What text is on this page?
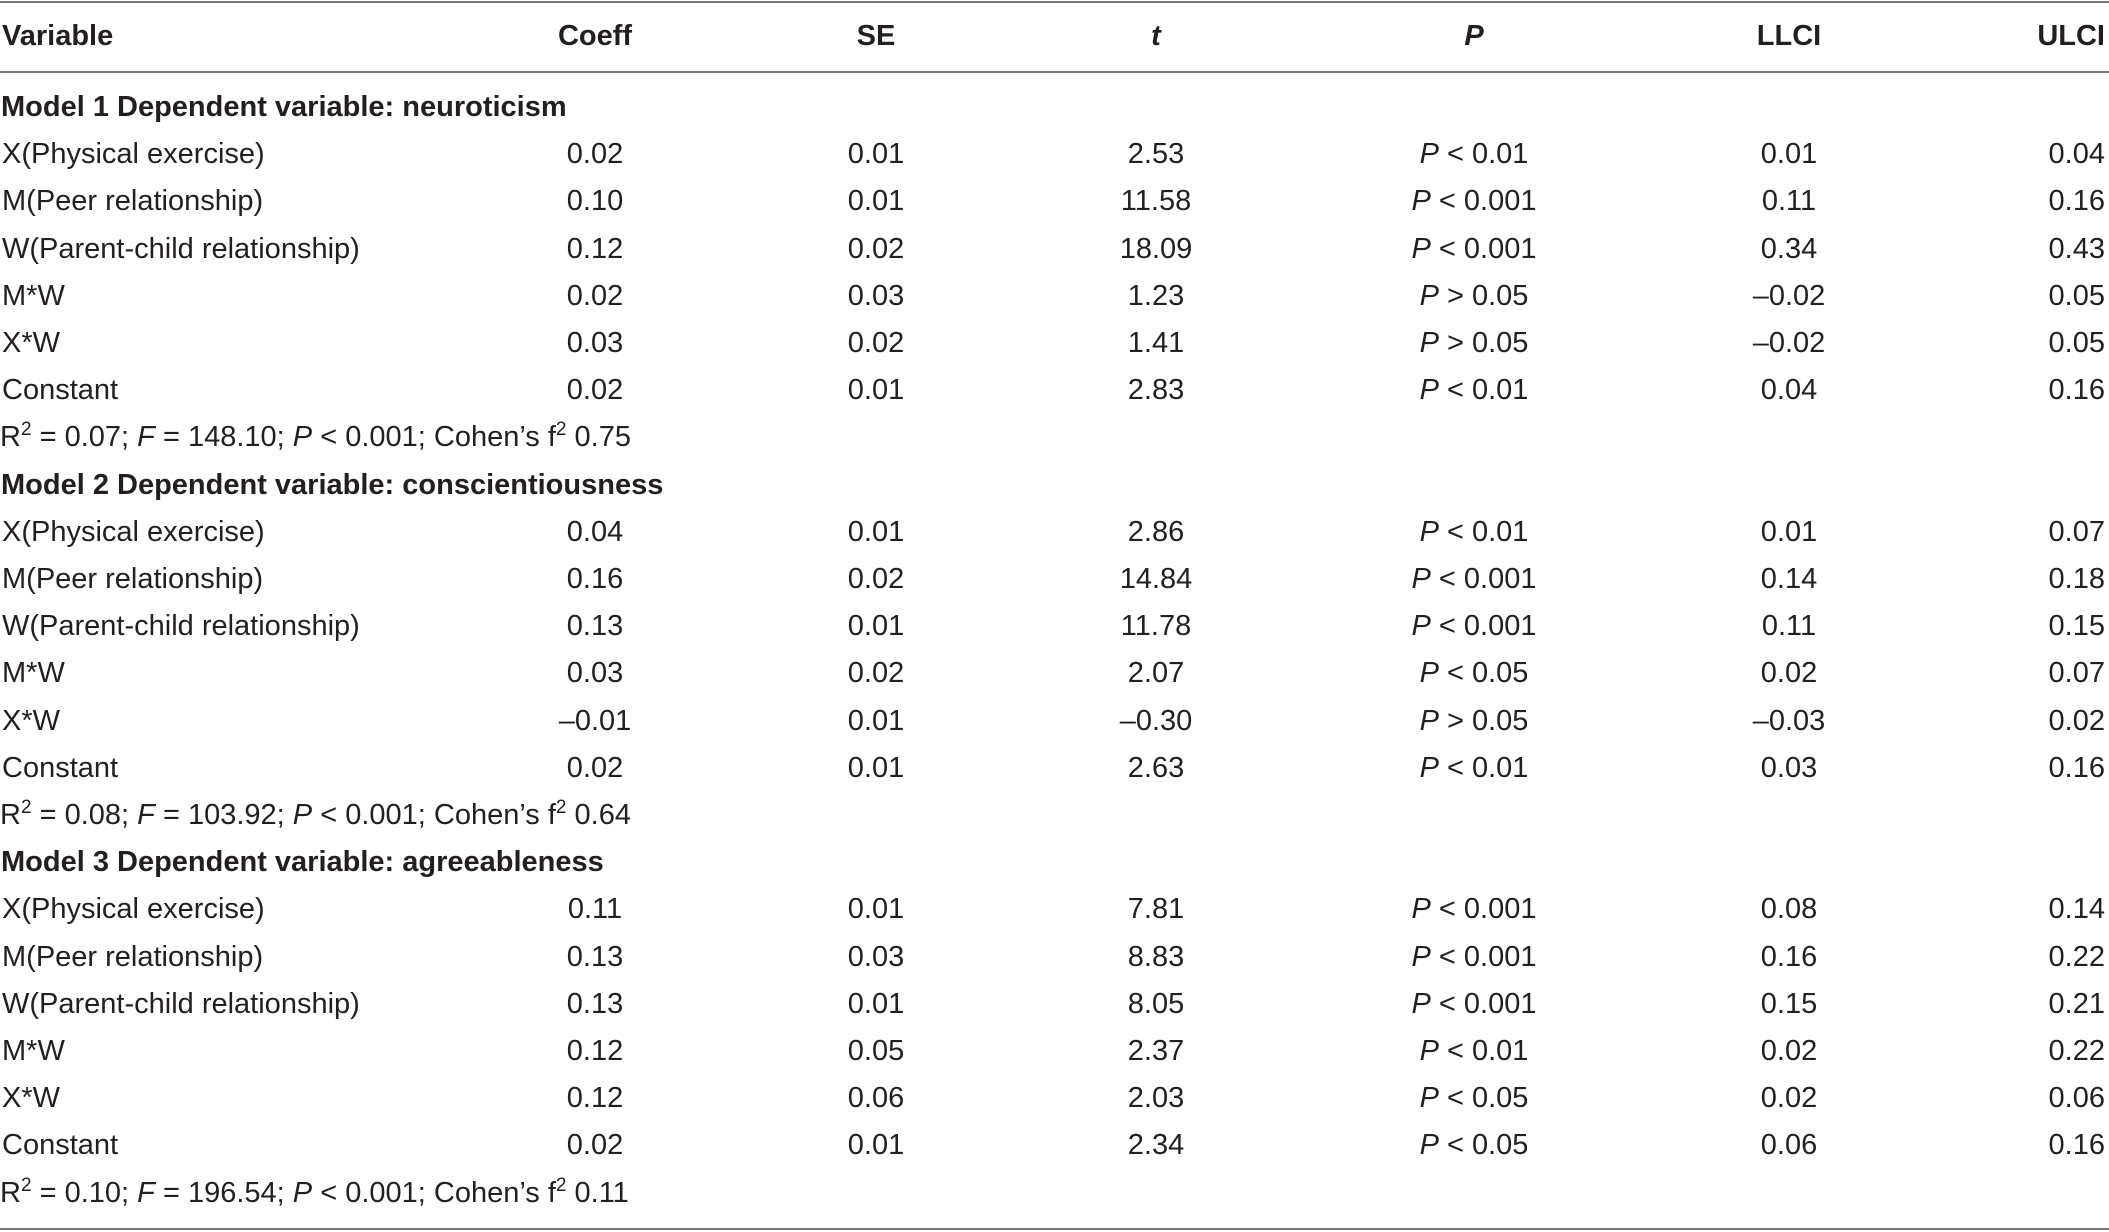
Variable	Coeff	SE	t	P	LLCI	ULCI
Model 1 Dependent variable: neuroticism
X(Physical exercise)	0.02	0.01	2.53	P < 0.01	0.01	0.04
M(Peer relationship)	0.10	0.01	11.58	P < 0.001	0.11	0.16
W(Parent-child relationship)	0.12	0.02	18.09	P < 0.001	0.34	0.43
M*W	0.02	0.03	1.23	P > 0.05	–0.02	0.05
X*W	0.03	0.02	1.41	P > 0.05	–0.02	0.05
Constant	0.02	0.01	2.83	P < 0.01	0.04	0.16
$R^2 = 0.07$; F = 148.10; P < 0.001; Cohen’s $f^2$ 0.75
Model 2 Dependent variable: conscientiousness
X(Physical exercise)	0.04	0.01	2.86	P < 0.01	0.01	0.07
M(Peer relationship)	0.16	0.02	14.84	P < 0.001	0.14	0.18
W(Parent-child relationship)	0.13	0.01	11.78	P < 0.001	0.11	0.15
M*W	0.03	0.02	2.07	P < 0.05	0.02	0.07
X*W	–0.01	0.01	–0.30	P > 0.05	–0.03	0.02
Constant	0.02	0.01	2.63	P < 0.01	0.03	0.16
$R^2 = 0.08$; F = 103.92; P < 0.001; Cohen’s $f^2$ 0.64
Model 3 Dependent variable: agreeableness
X(Physical exercise)	0.11	0.01	7.81	P < 0.001	0.08	0.14
M(Peer relationship)	0.13	0.03	8.83	P < 0.001	0.16	0.22
W(Parent-child relationship)	0.13	0.01	8.05	P < 0.001	0.15	0.21
M*W	0.12	0.05	2.37	P < 0.01	0.02	0.22
X*W	0.12	0.06	2.03	P < 0.05	0.02	0.06
Constant	0.02	0.01	2.34	P < 0.05	0.06	0.16
$R^2 = 0.10$; F = 196.54; P < 0.001; Cohen’s $f^2$ 0.11
